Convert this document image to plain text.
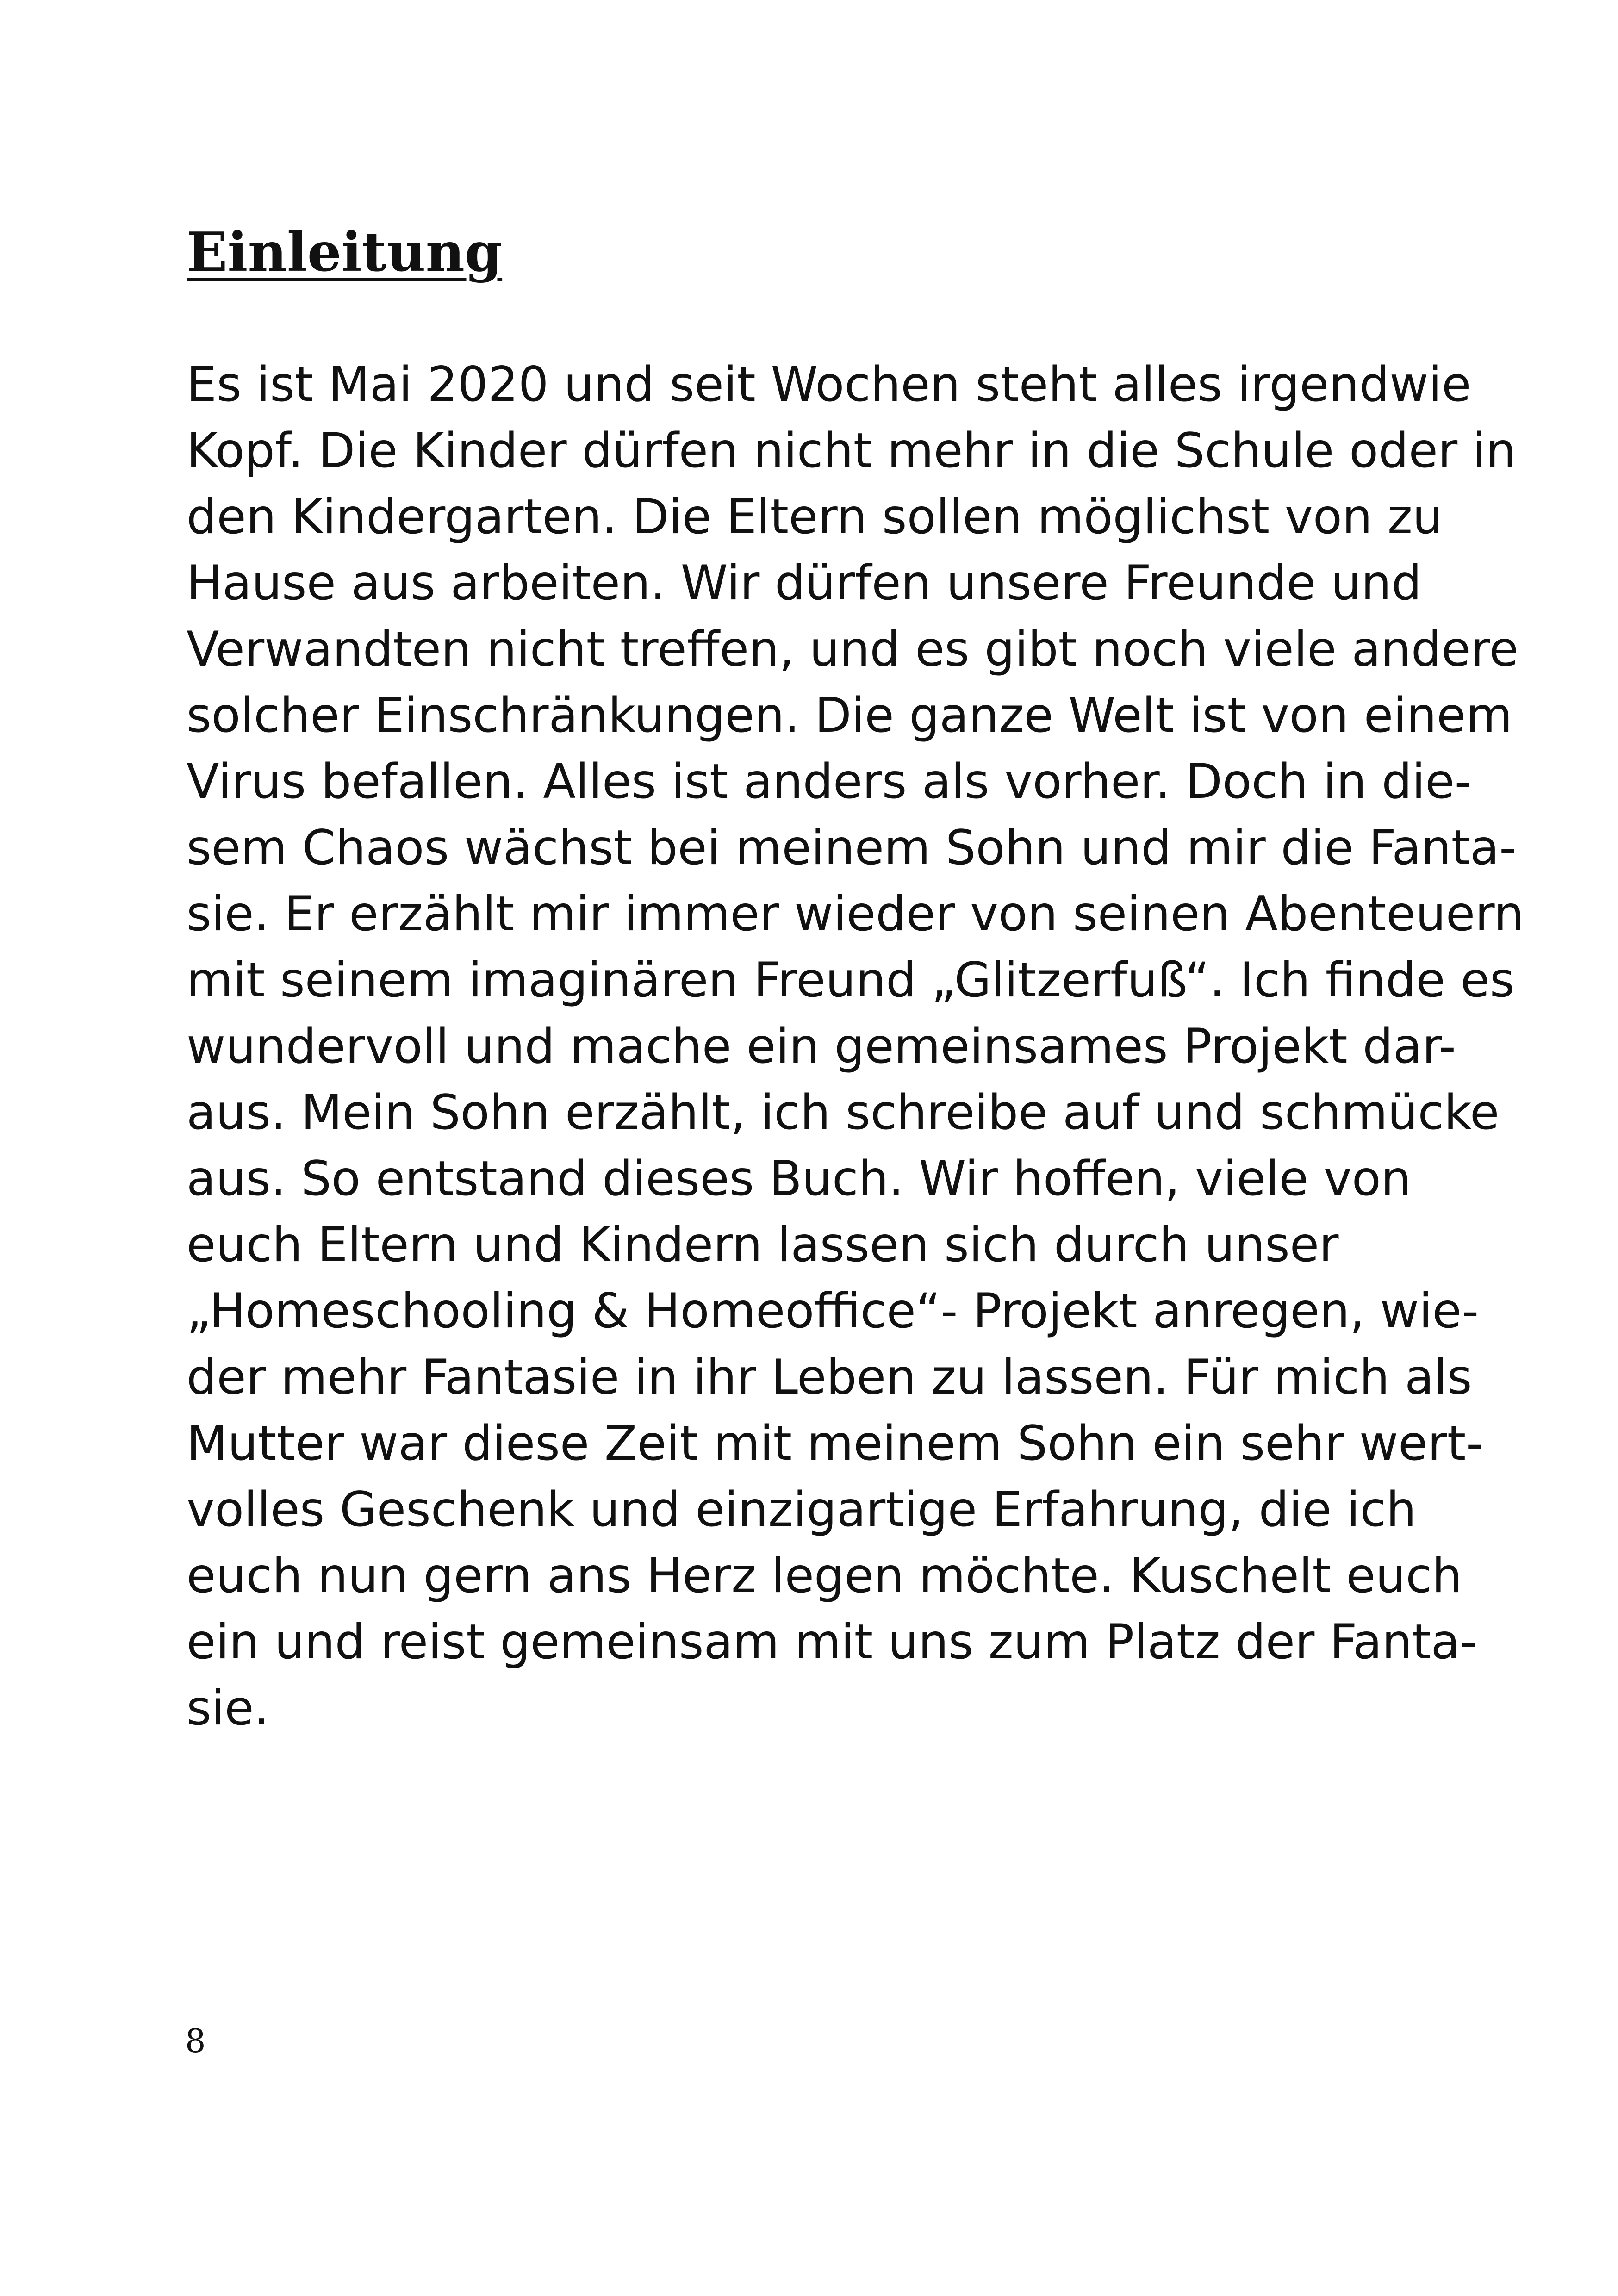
Einleitung
Es ist Mai 2020 und seit Wochen steht alles irgendwie
Kopf. Die Kinder dürfen nicht mehr in die Schule oder in
den Kindergarten. Die Eltern sollen möglichst von zu
Hause aus arbeiten. Wir dürfen unsere Freunde und
Verwandten nicht treffen, und es gibt noch viele andere
solcher Einschränkungen. Die ganze Welt ist von einem
Virus befallen. Alles ist anders als vorher. Doch in die-
sem Chaos wächst bei meinem Sohn und mir die Fanta-
sie. Er erzählt mir immer wieder von seinen Abenteuern
mit seinem imaginären Freund „Glitzerfuß“. Ich finde es
wundervoll und mache ein gemeinsames Projekt dar-
aus. Mein Sohn erzählt, ich schreibe auf und schmücke
aus. So entstand dieses Buch. Wir hoffen, viele von
euch Eltern und Kindern lassen sich durch unser
„Homeschooling & Homeoffice“- Projekt anregen, wie-
der mehr Fantasie in ihr Leben zu lassen. Für mich als
Mutter war diese Zeit mit meinem Sohn ein sehr wert-
volles Geschenk und einzigartige Erfahrung, die ich
euch nun gern ans Herz legen möchte. Kuschelt euch
ein und reist gemeinsam mit uns zum Platz der Fanta-
sie.
8
